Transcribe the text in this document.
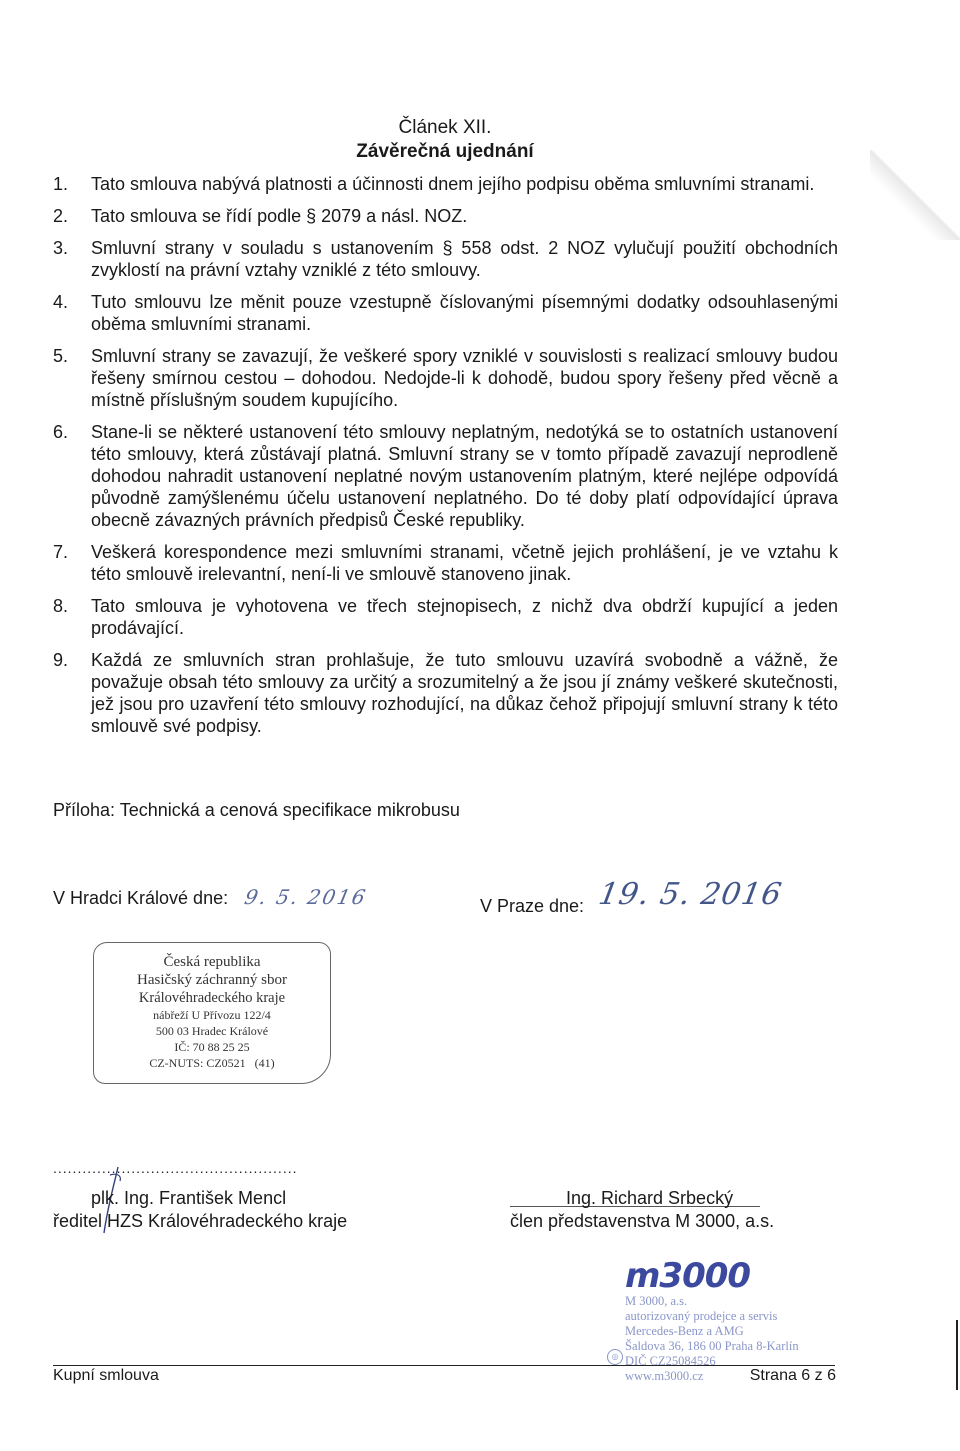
Článek XII.
Závěrečná ujednání
1.	Tato smlouva nabývá platnosti a účinnosti dnem jejího podpisu oběma smluvními stranami.
2.	Tato smlouva se řídí podle § 2079 a násl. NOZ.
3.	Smluvní strany v souladu s ustanovením § 558 odst. 2 NOZ vylučují použití obchodních zvyklostí na právní vztahy vzniklé z této smlouvy.
4.	Tuto smlouvu lze měnit pouze vzestupně číslovanými písemnými dodatky odsouhlasenými oběma smluvními stranami.
5.	Smluvní strany se zavazují, že veškeré spory vzniklé v souvislosti s realizací smlouvy budou řešeny smírnou cestou – dohodou. Nedojde-li k dohodě, budou spory řešeny před věcně a místně příslušným soudem kupujícího.
6.	Stane-li se některé ustanovení této smlouvy neplatným, nedotýká se to ostatních ustanovení této smlouvy, která zůstávají platná. Smluvní strany se v tomto případě zavazují neprodleně dohodou nahradit ustanovení neplatné novým ustanovením platným, které nejlépe odpovídá původně zamýšlenému účelu ustanovení neplatného. Do té doby platí odpovídající úprava obecně závazných právních předpisů České republiky.
7.	Veškerá korespondence mezi smluvními stranami, včetně jejich prohlášení, je ve vztahu k této smlouvě irelevantní, není-li ve smlouvě stanoveno jinak.
8.	Tato smlouva je vyhotovena ve třech stejnopisech, z nichž dva obdrží kupující a jeden prodávající.
9.	Každá ze smluvních stran prohlašuje, že tuto smlouvu uzavírá svobodně a vážně, že považuje obsah této smlouvy za určitý a srozumitelný a že jsou jí známy veškeré skutečnosti, jež jsou pro uzavření této smlouvy rozhodující, na důkaz čehož připojují smluvní strany k této smlouvě své podpisy.
Příloha: Technická a cenová specifikace mikrobusu
V Hradci Králové dne: 9. 5. 2016	V Praze dne: 19. 5. 2016
Česká republika
Hasičský záchranný sbor
Královéhradeckého kraje
nábřeží U Přívozu 122/4
500 03 Hradec Králové
IČ: 70 88 25 25
CZ-NUTS: CZ0521 (41)
..................................................
plk. Ing. František Mencl
ředitel HZS Královéhradeckého kraje
Ing. Richard Srbecký
člen představenstva M 3000, a.s.
m3000
M 3000, a.s.
autorizovaný prodejce a servis
Mercedes-Benz a AMG
Šaldova 36, 186 00 Praha 8-Karlín
DIČ CZ25084526
www.m3000.cz
◎
Kupní smlouva	Strana 6 z 6
